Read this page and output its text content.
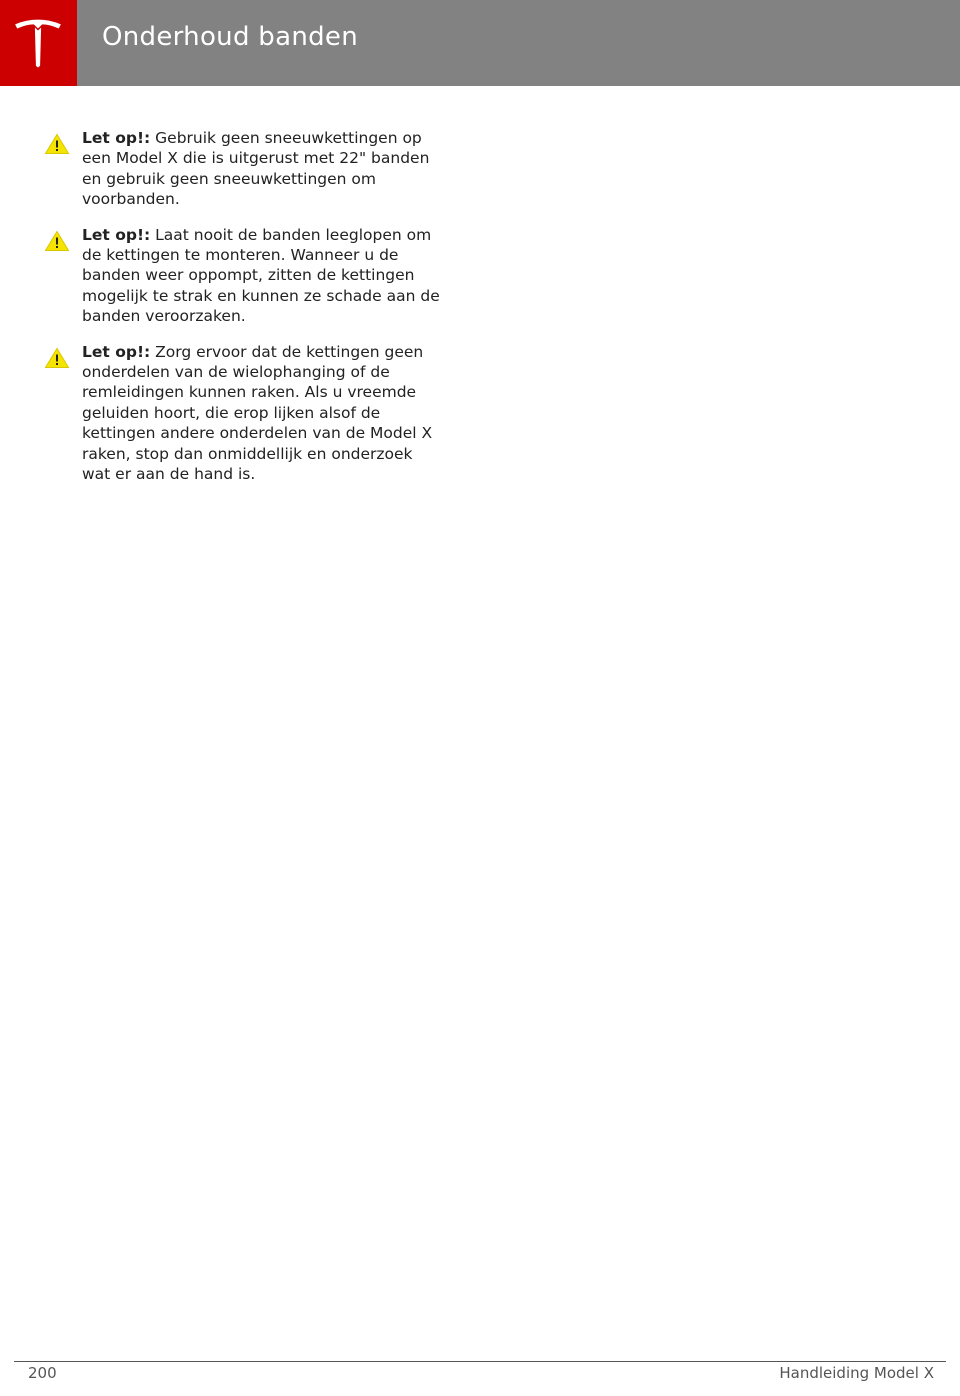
Onderhoud banden
Let op!: Gebruik geen sneeuwkettingen op een Model X die is uitgerust met 22" banden en gebruik geen sneeuwkettingen om voorbanden.
Let op!: Laat nooit de banden leeglopen om de kettingen te monteren. Wanneer u de banden weer oppompt, zitten de kettingen mogelijk te strak en kunnen ze schade aan de banden veroorzaken.
Let op!: Zorg ervoor dat de kettingen geen onderdelen van de wielophanging of de remleidingen kunnen raken. Als u vreemde geluiden hoort, die erop lijken alsof de kettingen andere onderdelen van de Model X raken, stop dan onmiddellijk en onderzoek wat er aan de hand is.
200	Handleiding Model X
